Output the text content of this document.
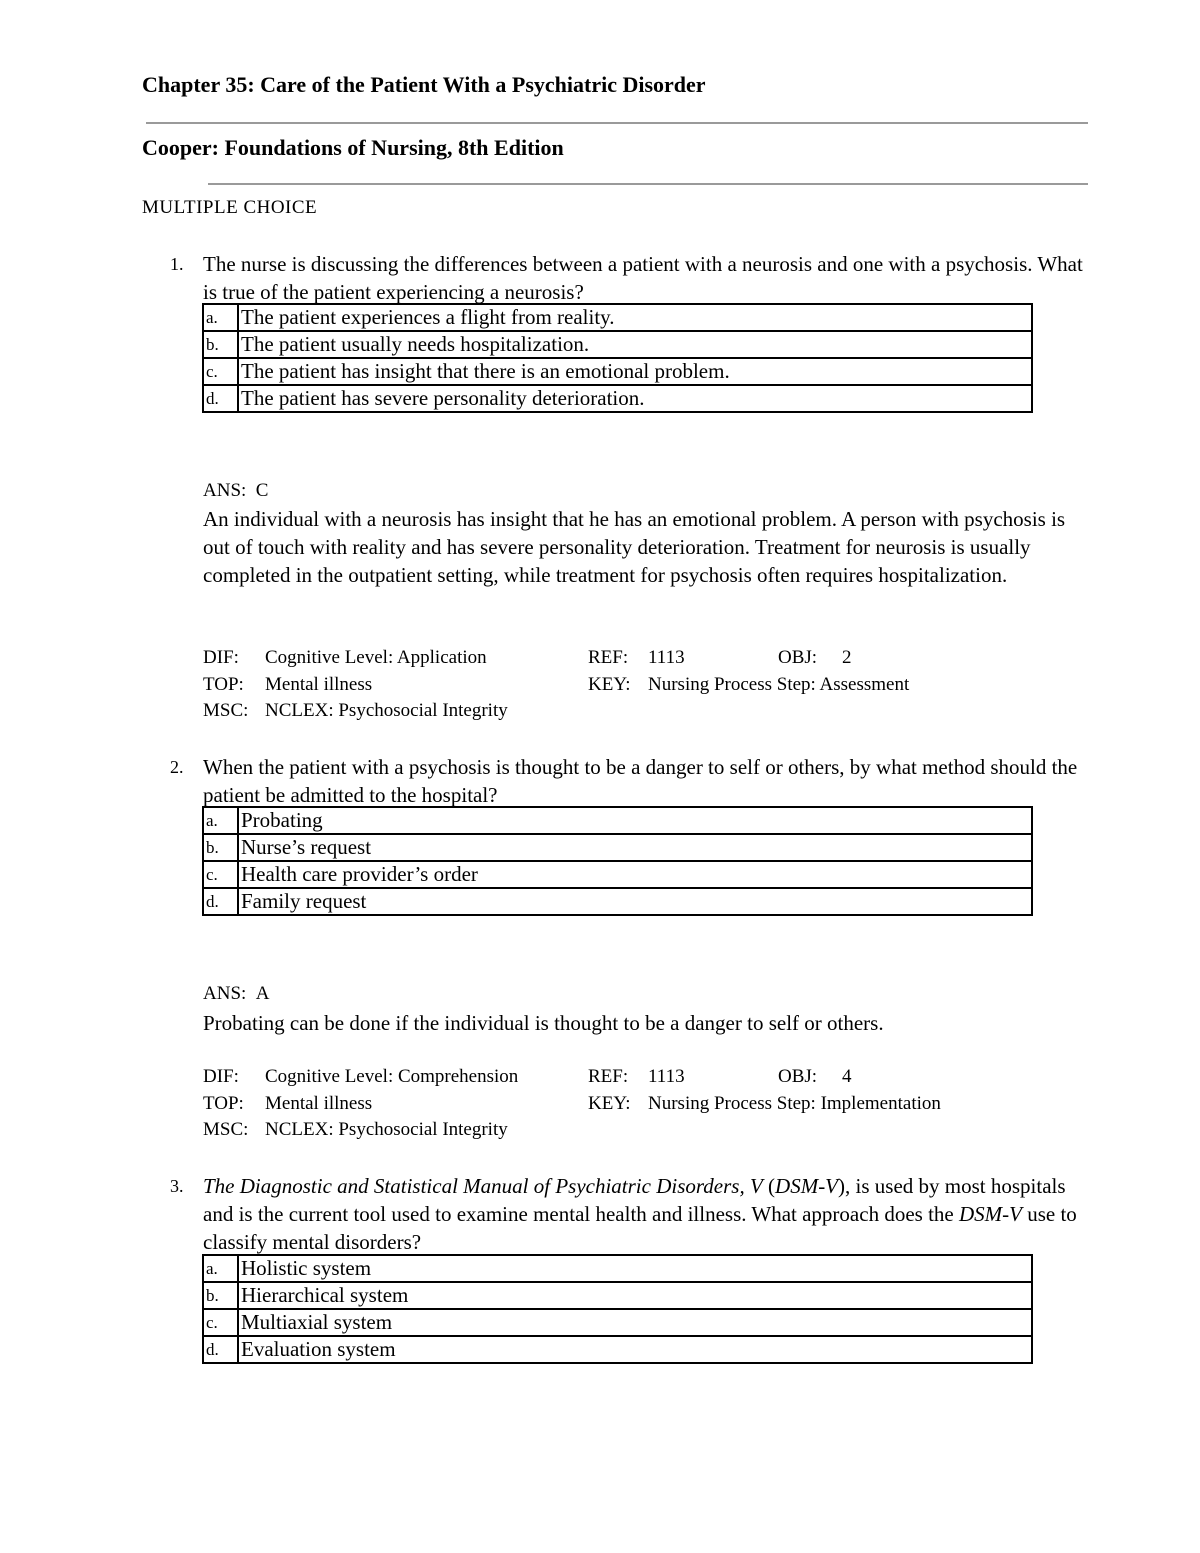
Chapter 35: Care of the Patient With a Psychiatric Disorder
Cooper: Foundations of Nursing, 8th Edition
MULTIPLE CHOICE
1. The nurse is discussing the differences between a patient with a neurosis and one with a psychosis. What is true of the patient experiencing a neurosis?
a.	The patient experiences a flight from reality.
b.	The patient usually needs hospitalization.
c.	The patient has insight that there is an emotional problem.
d.	The patient has severe personality deterioration.
ANS: C
An individual with a neurosis has insight that he has an emotional problem. A person with psychosis is out of touch with reality and has severe personality deterioration. Treatment for neurosis is usually completed in the outpatient setting, while treatment for psychosis often requires hospitalization.
DIF: Cognitive Level: Application	REF: 1113	OBJ: 2
TOP: Mental illness	KEY: Nursing Process Step: Assessment
MSC: NCLEX: Psychosocial Integrity
2. When the patient with a psychosis is thought to be a danger to self or others, by what method should the patient be admitted to the hospital?
a.	Probating
b.	Nurse’s request
c.	Health care provider’s order
d.	Family request
ANS: A
Probating can be done if the individual is thought to be a danger to self or others.
DIF: Cognitive Level: Comprehension	REF: 1113	OBJ: 4
TOP: Mental illness	KEY: Nursing Process Step: Implementation
MSC: NCLEX: Psychosocial Integrity
3. The Diagnostic and Statistical Manual of Psychiatric Disorders, V (DSM-V), is used by most hospitals and is the current tool used to examine mental health and illness. What approach does the DSM-V use to classify mental disorders?
a.	Holistic system
b.	Hierarchical system
c.	Multiaxial system
d.	Evaluation system
